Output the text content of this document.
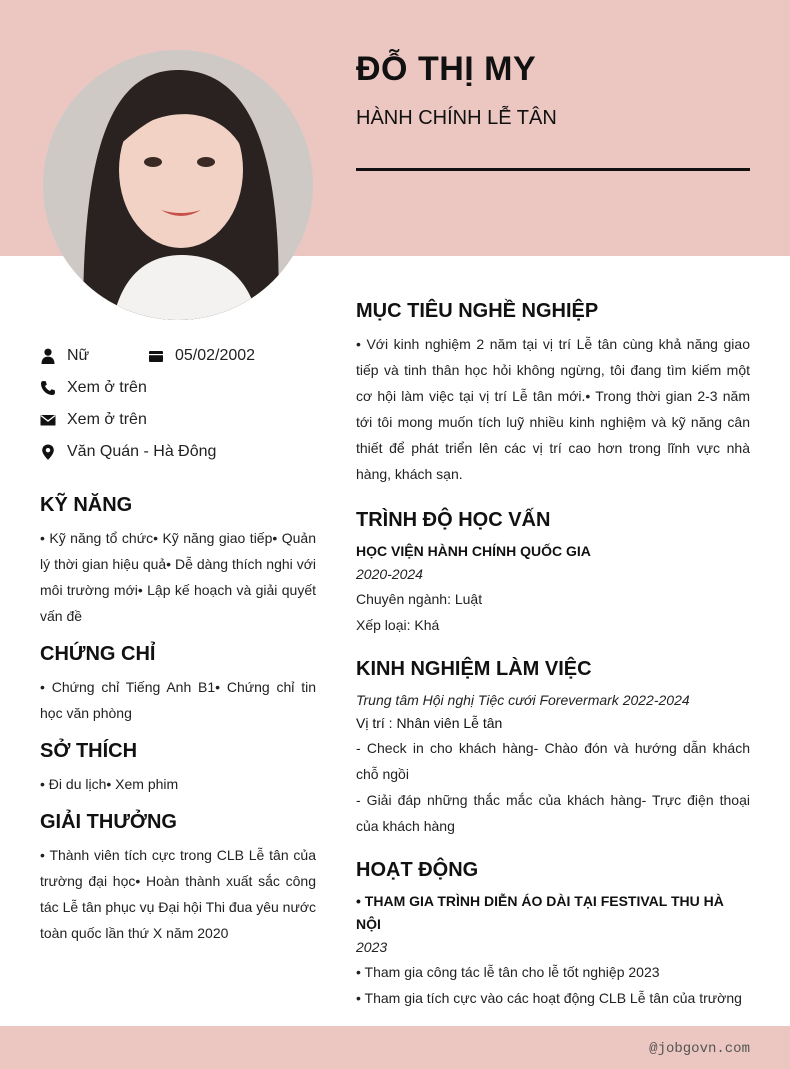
ĐỖ THỊ MY
HÀNH CHÍNH LỄ TÂN
Nữ	05/02/2002
Xem ở trên
Xem ở trên
Văn Quán - Hà Đông
KỸ NĂNG
• Kỹ năng tổ chức• Kỹ năng giao tiếp• Quản lý thời gian hiệu quả• Dễ dàng thích nghi với môi trường mới• Lập kế hoạch và giải quyết vấn đề
CHỨNG CHỈ
• Chứng chỉ Tiếng Anh B1• Chứng chỉ tin học văn phòng
SỞ THÍCH
• Đi du lịch• Xem phim
GIẢI THƯỞNG
• Thành viên tích cực trong CLB Lễ tân của trường đại học• Hoàn thành xuất sắc công tác Lễ tân phục vụ Đại hội Thi đua yêu nước toàn quốc lần thứ X năm 2020
MỤC TIÊU NGHỀ NGHIỆP
• Với kinh nghiệm 2 năm tại vị trí Lễ tân cùng khả năng giao tiếp và tinh thân học hỏi không ngừng, tôi đang tìm kiếm một cơ hội làm việc tại vị trí Lễ tân mới.• Trong thời gian 2-3 năm tới tôi mong muốn tích luỹ nhiều kinh nghiệm và kỹ năng cân thiết để phát triển lên các vị trí cao hơn trong lĩnh vực nhà hàng, khách sạn.
TRÌNH ĐỘ HỌC VẤN
HỌC VIỆN HÀNH CHÍNH QUỐC GIA
2020-2024
Chuyên ngành: Luật
Xếp loại: Khá
KINH NGHIỆM LÀM VIỆC
Trung tâm Hội nghị Tiệc cưới Forevermark 2022-2024
Vị trí : Nhân viên Lễ tân
- Check in cho khách hàng- Chào đón và hướng dẫn khách chỗ ngồi
- Giải đáp những thắc mắc của khách hàng- Trực điện thoại của khách hàng
HOẠT ĐỘNG
• THAM GIA TRÌNH DIỄN ÁO DÀI TẠI FESTIVAL THU HÀ NỘI
2023
• Tham gia công tác lễ tân cho lễ tốt nghiệp 2023
• Tham gia tích cực vào các hoạt động CLB Lễ tân của trường
@jobgovn.com
